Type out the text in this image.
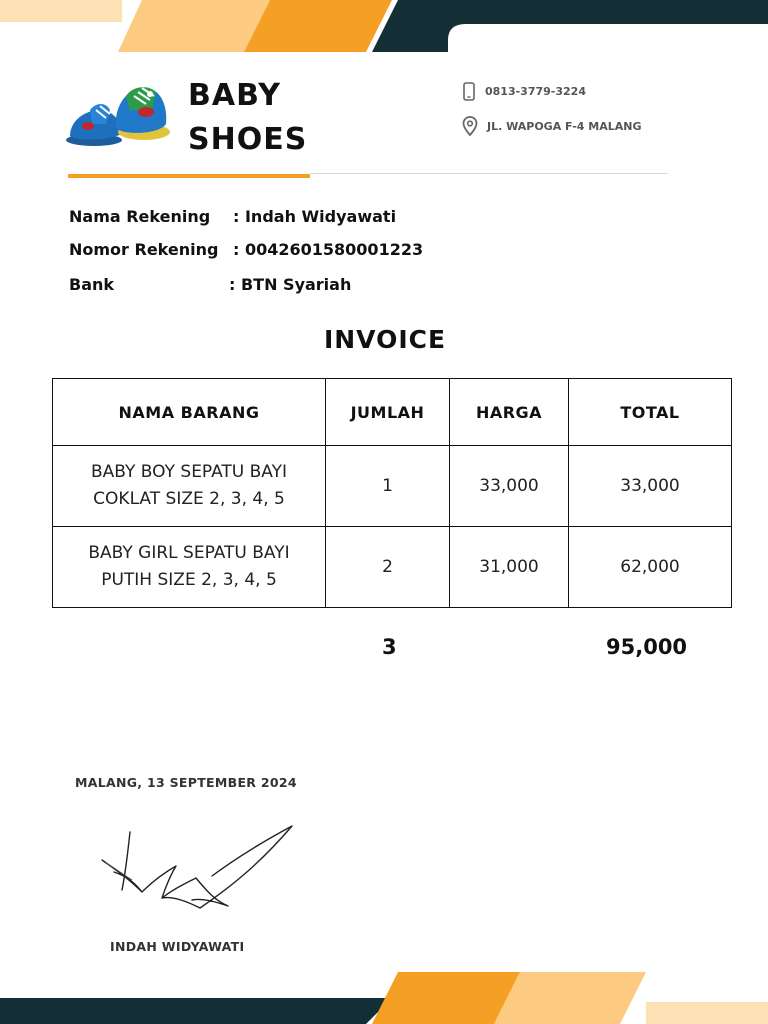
BABY
SHOES
0813-3779-3224
JL. WAPOGA F-4 MALANG
Nama Rekening : Indah Widyawati
Nomor Rekening : 0042601580001223
Bank	: BTN Syariah
INVOICE
NAMA BARANG	JUMLAH	HARGA	TOTAL

BABY BOY SEPATU BAYI
COKLAT SIZE 2, 3, 4, 5	1	33,000	33,000

BABY GIRL SEPATU BAYI
PUTIH SIZE 2, 3, 4, 5	2	31,000	62,000
3	95,000
MALANG, 13 SEPTEMBER 2024
INDAH WIDYAWATI
